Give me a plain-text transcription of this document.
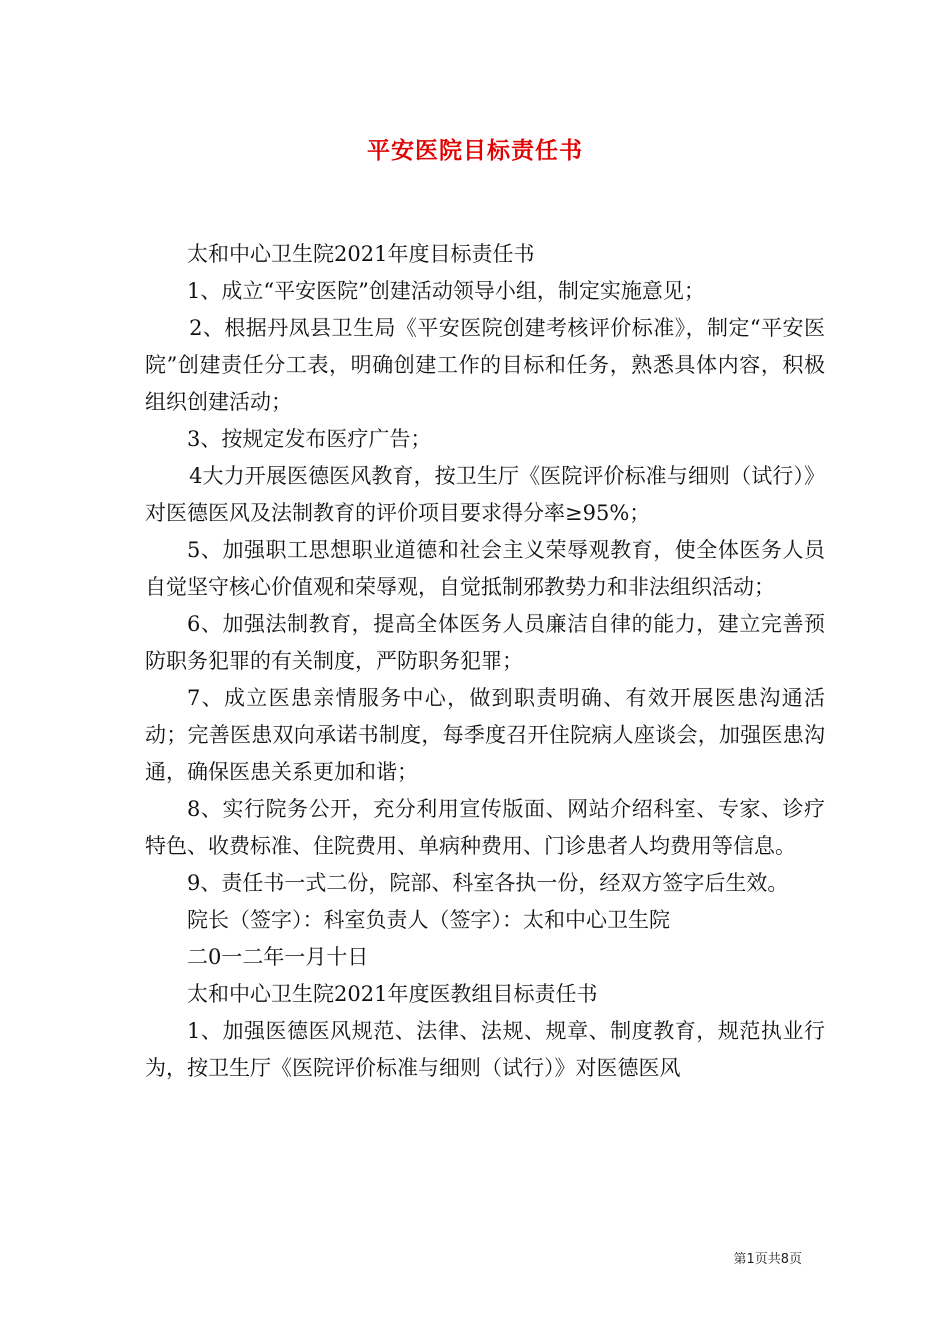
平安医院目标责任书

太和中心卫生院2021年度目标责任书

1、成立“平安医院”创建活动领导小组，制定实施意见；

2、根据丹凤县卫生局《平安医院创建考核评价标准》，制定“平安医院”创建责任分工表，明确创建工作的目标和任务，熟悉具体内容，积极组织创建活动；

3、按规定发布医疗广告；

4大力开展医德医风教育，按卫生厅《医院评价标准与细则（试行）》对医德医风及法制教育的评价项目要求得分率≥95%；

5、加强职工思想职业道德和社会主义荣辱观教育，使全体医务人员自觉坚守核心价值观和荣辱观，自觉抵制邪教势力和非法组织活动；

6、加强法制教育，提高全体医务人员廉洁自律的能力，建立完善预防职务犯罪的有关制度，严防职务犯罪；

7、成立医患亲情服务中心，做到职责明确、有效开展医患沟通活动；完善医患双向承诺书制度，每季度召开住院病人座谈会，加强医患沟通，确保医患关系更加和谐；

8、实行院务公开，充分利用宣传版面、网站介绍科室、专家、诊疗特色、收费标准、住院费用、单病种费用、门诊患者人均费用等信息。

9、责任书一式二份，院部、科室各执一份，经双方签字后生效。

院长（签字）：科室负责人（签字）：太和中心卫生院

二0一二年一月十日

太和中心卫生院2021年度医教组目标责任书

1、加强医德医风规范、法律、法规、规章、制度教育，规范执业行为，按卫生厅《医院评价标准与细则（试行）》对医德医风

第1页共8页
